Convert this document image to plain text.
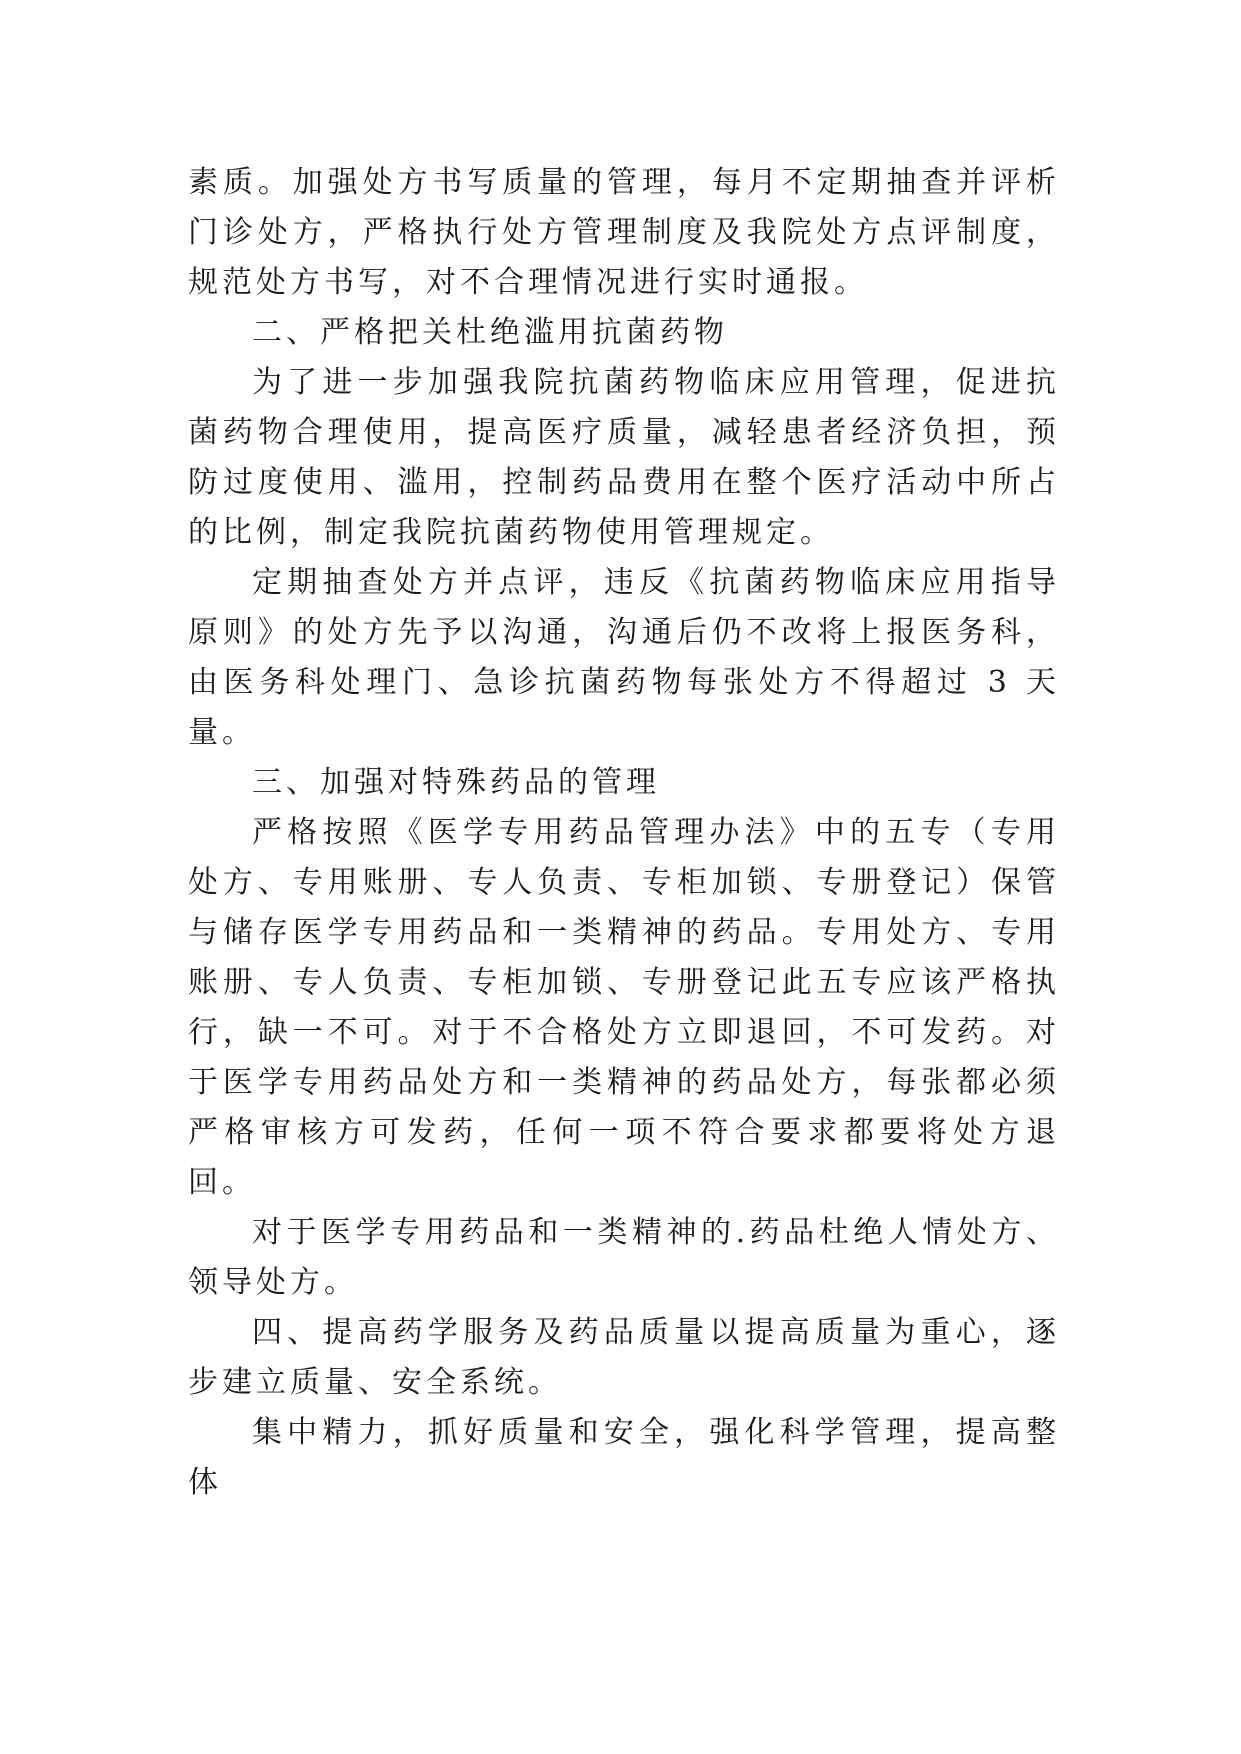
素质。加强处方书写质量的管理，每月不定期抽查并评析门诊处方，严格执行处方管理制度及我院处方点评制度，规范处方书写，对不合理情况进行实时通报。

二、严格把关杜绝滥用抗菌药物

为了进一步加强我院抗菌药物临床应用管理，促进抗菌药物合理使用，提高医疗质量，减轻患者经济负担，预防过度使用、滥用，控制药品费用在整个医疗活动中所占的比例，制定我院抗菌药物使用管理规定。

定期抽查处方并点评，违反《抗菌药物临床应用指导原则》的处方先予以沟通，沟通后仍不改将上报医务科，由医务科处理门、急诊抗菌药物每张处方不得超过 3 天量。

三、加强对特殊药品的管理

严格按照《医学专用药品管理办法》中的五专（专用处方、专用账册、专人负责、专柜加锁、专册登记）保管与储存医学专用药品和一类精神的药品。专用处方、专用账册、专人负责、专柜加锁、专册登记此五专应该严格执行，缺一不可。对于不合格处方立即退回，不可发药。对于医学专用药品处方和一类精神的药品处方，每张都必须严格审核方可发药，任何一项不符合要求都要将处方退回。

对于医学专用药品和一类精神的.药品杜绝人情处方、领导处方。

四、提高药学服务及药品质量以提高质量为重心，逐步建立质量、安全系统。

集中精力，抓好质量和安全，强化科学管理，提高整体
